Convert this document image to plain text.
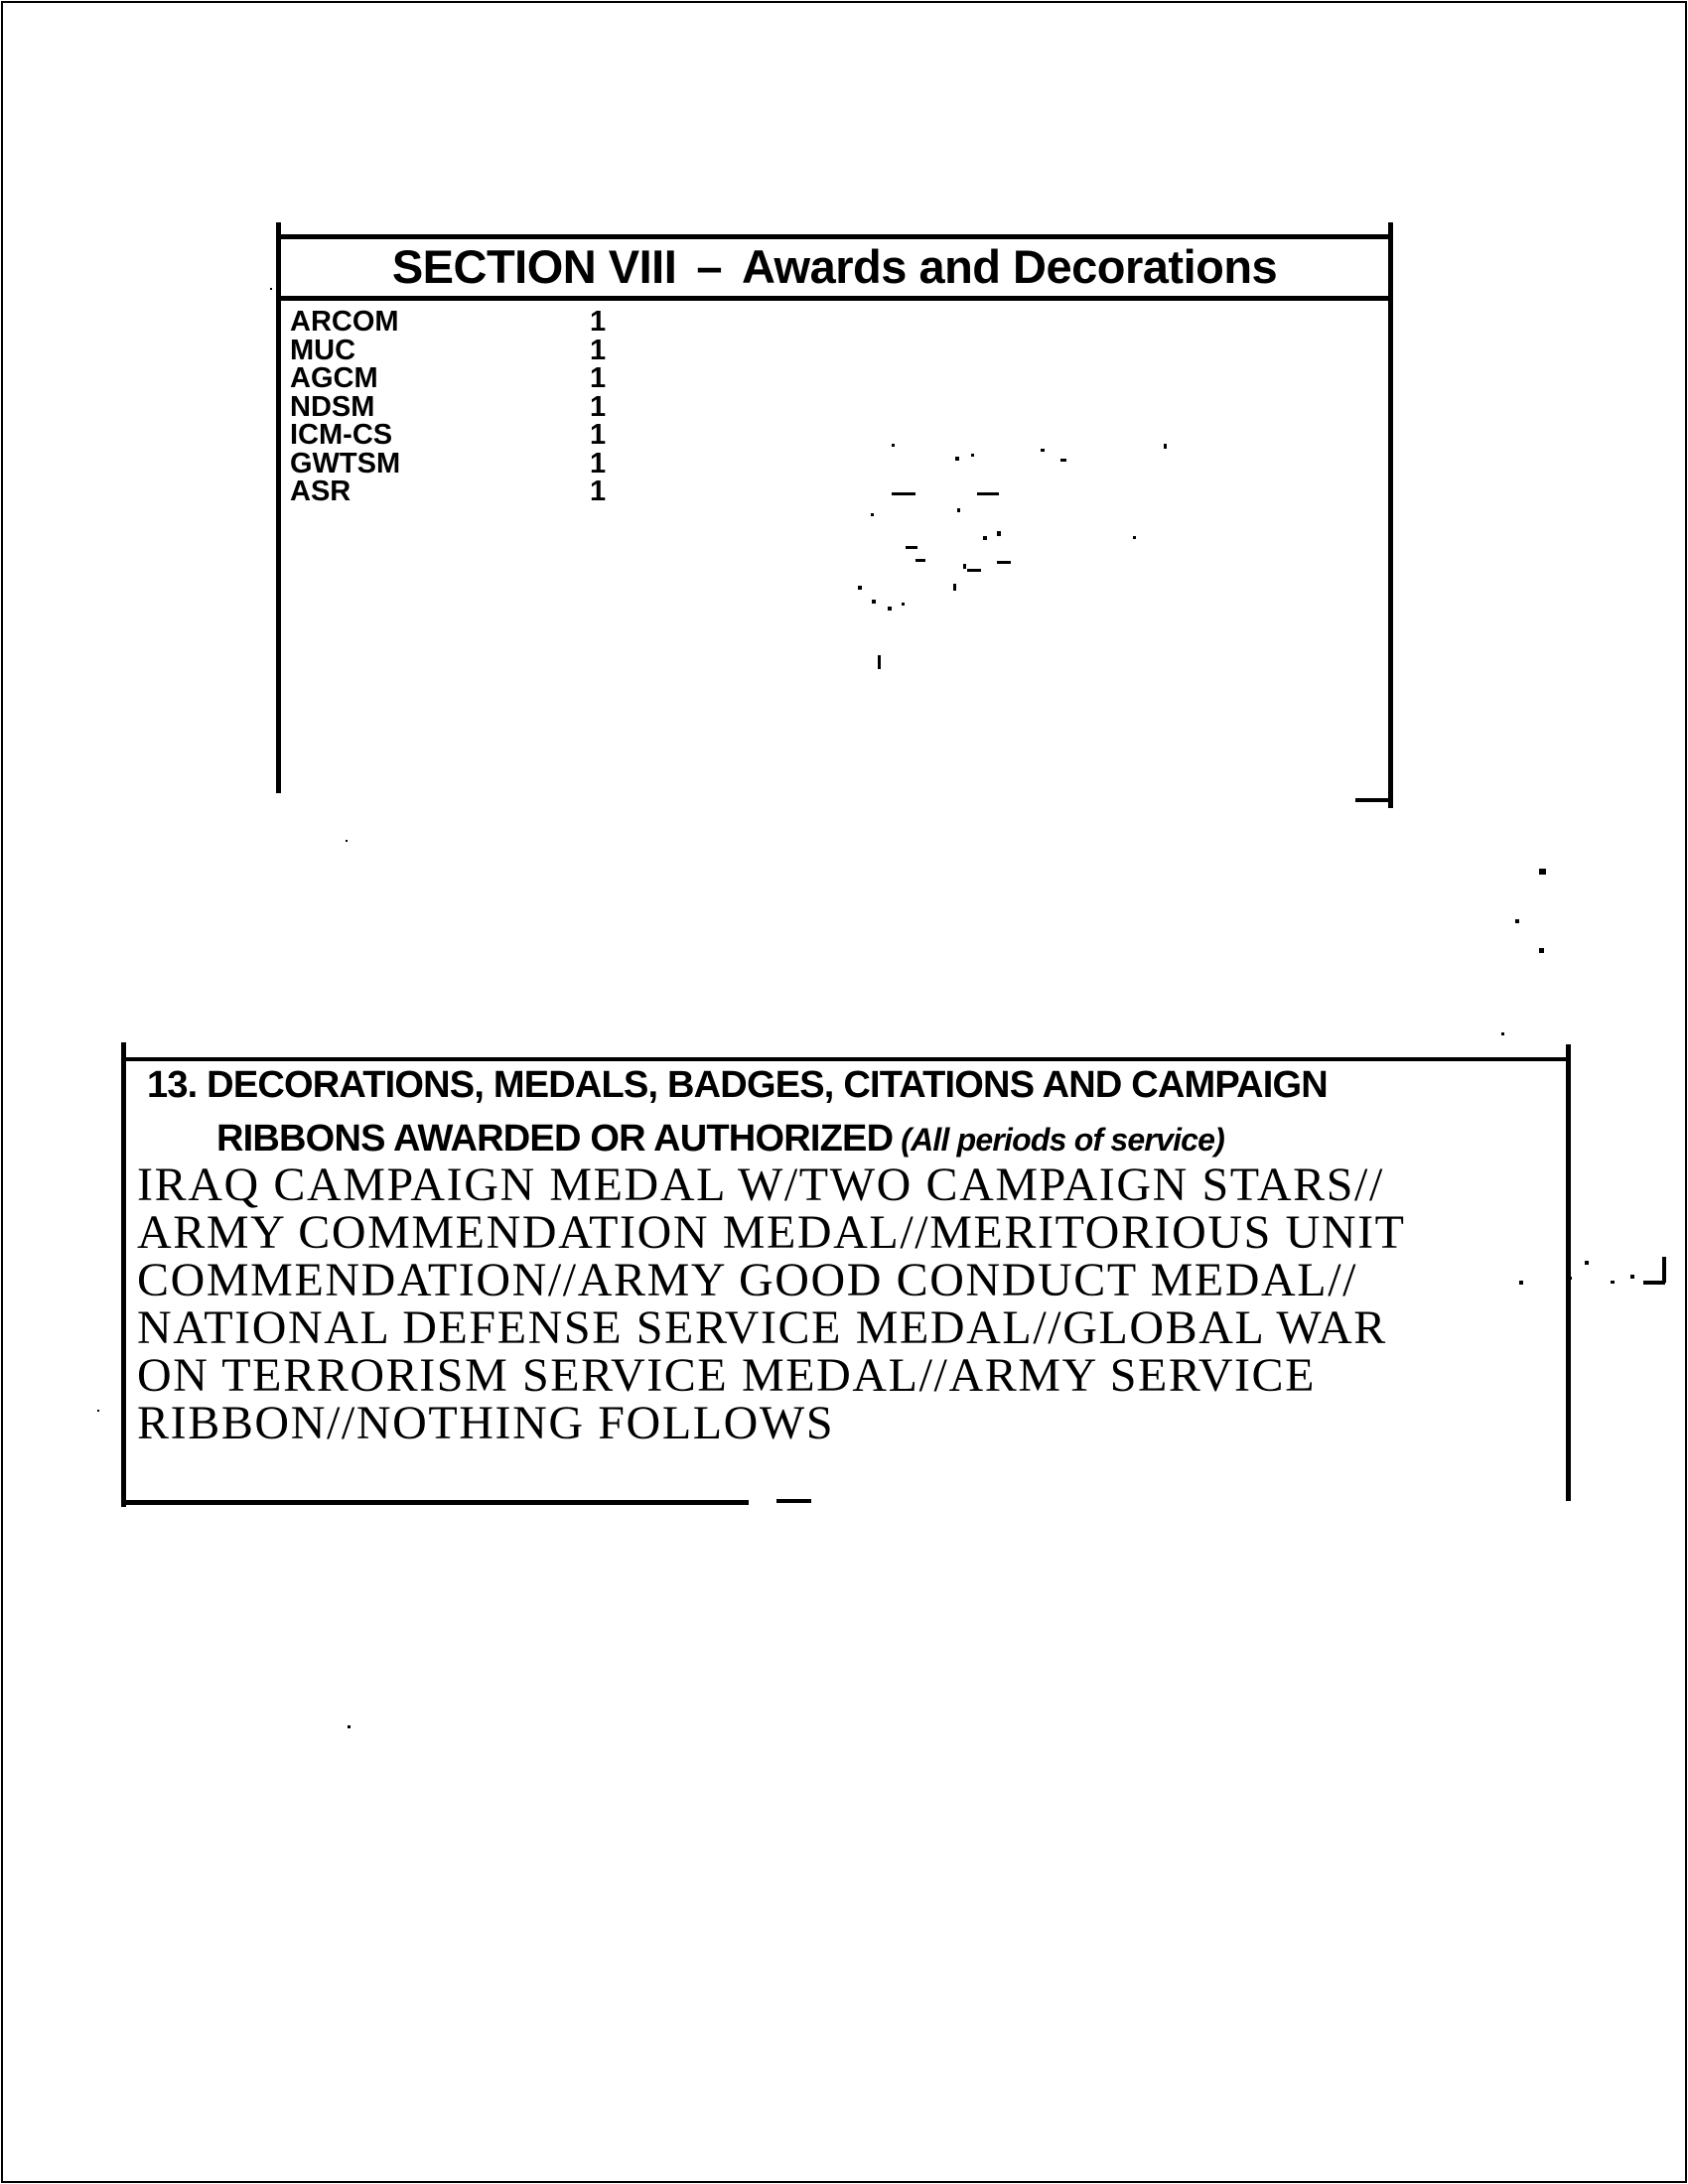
SECTION VIII – Awards and Decorations
ARCOM	1
MUC	1
AGCM	1
NDSM	1
ICM-CS	1
GWTSM	1
ASR	1
13. DECORATIONS, MEDALS, BADGES, CITATIONS AND CAMPAIGN
RIBBONS AWARDED OR AUTHORIZED (All periods of service)
IRAQ CAMPAIGN MEDAL W/TWO CAMPAIGN STARS//
ARMY COMMENDATION MEDAL//MERITORIOUS UNIT
COMMENDATION//ARMY GOOD CONDUCT MEDAL//
NATIONAL DEFENSE SERVICE MEDAL//GLOBAL WAR
ON TERRORISM SERVICE MEDAL//ARMY SERVICE
RIBBON//NOTHING FOLLOWS
